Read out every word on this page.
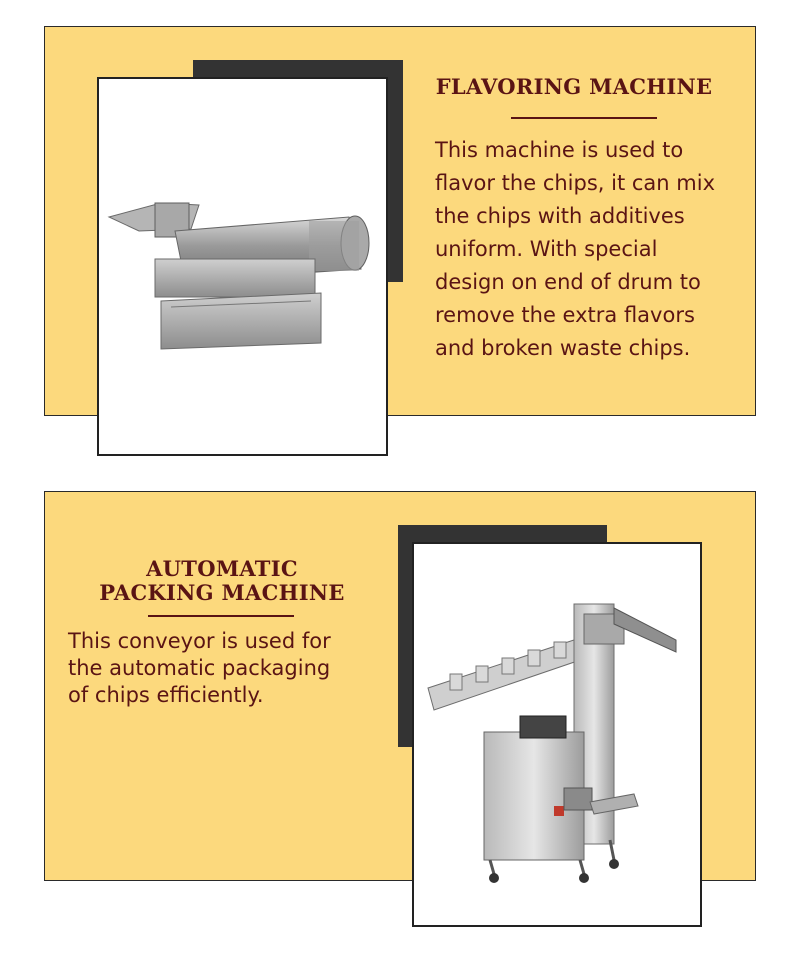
FLAVORING MACHINE
This machine is used to
flavor the chips, it can mix
the chips with additives
uniform. With special
design on end of drum to
remove the extra flavors
and broken waste chips.
AUTOMATIC
PACKING MACHINE
This conveyor is used for
the automatic packaging
of chips efficiently.
